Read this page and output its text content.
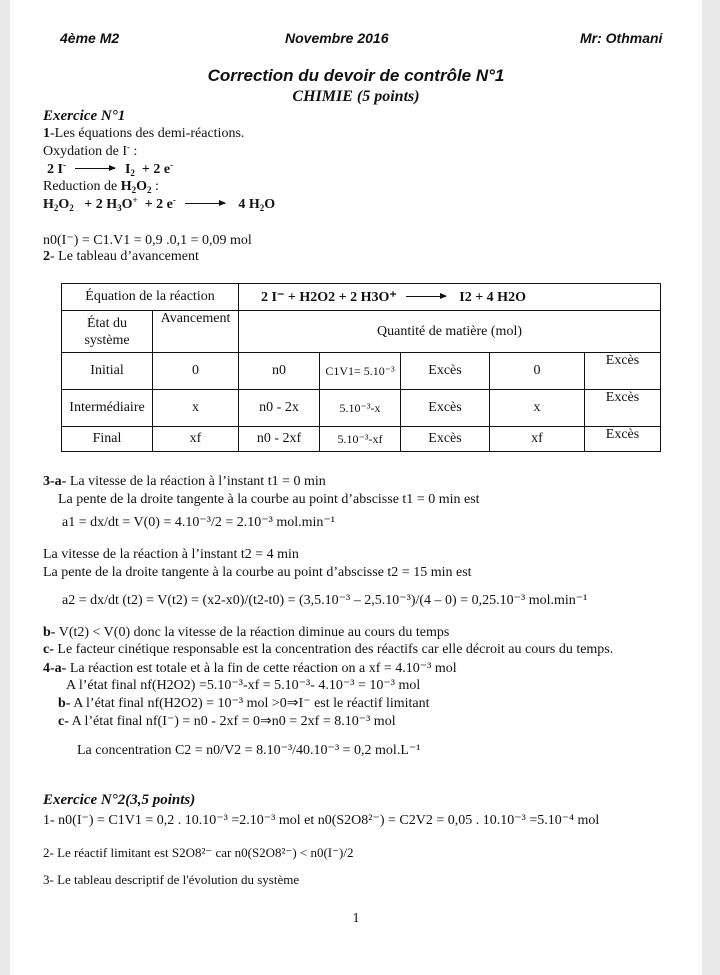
4ème M2	Novembre 2016	Mr: Othmani
Correction du devoir de contrôle N°1
CHIMIE (5 points)
Exercice N°1
1-Les équations des demi-réactions.
Oxydation de I- :
2 $I^- \to I_2 + 2$ e-
Reduction de $H_2O_2$ :
$H_2O_2 + 2$ $H_3O^+ + 2$ e- → 4 $H_2O$
n0(I⁻) = C1.V1 = 0,9 .0,1 = 0,09 mol
2- Le tableau d’avancement
Équation de la réaction		2 I⁻ + H2O2 + 2 H3O⁺ → I2 + 4 H2O				
État du système	Avancement	Quantité de matière (mol)				
Initial	0	n0	C1V1= 5.10⁻³	Excès	0	Excès
Intermédiaire	x	n0 - 2x	5.10⁻³-x	Excès	x	Excès
Final	xf	n0 - 2xf	5.10⁻³-xf	Excès	xf	Excès
3-a- La vitesse de la réaction à l’instant t1 = 0 min
La pente de la droite tangente à la courbe au point d’abscisse t1 = 0 min est
a1 = dx/dt = V(0) = 4.10⁻³/2 = 2.10⁻³ mol.min⁻¹
La vitesse de la réaction à l’instant t2 = 4 min
La pente de la droite tangente à la courbe au point d’abscisse t2 = 15 min est
a2 = dx/dt (t2) = V(t2) = (x2-x0)/(t2-t0) = (3,5.10⁻³ – 2,5.10⁻³)/(4 – 0) = 0,25.10⁻³ mol.min⁻¹
b- V(t2) < V(0) donc la vitesse de la réaction diminue au cours du temps
c- Le facteur cinétique responsable est la concentration des réactifs car elle décroit au cours du temps.
4-a- La réaction est totale et à la fin de cette réaction on a xf = 4.10⁻³ mol
A l’état final nf(H2O2) =5.10⁻³-xf = 5.10⁻³- 4.10⁻³ = 10⁻³ mol
b- A l’état final nf(H2O2) = 10⁻³ mol >0⇒I⁻ est le réactif limitant
c- A l’état final nf(I⁻) = n0 - 2xf = 0⇒n0 = 2xf = 8.10⁻³ mol
La concentration C2 = n0/V2 = 8.10⁻³/40.10⁻³ = 0,2 mol.L⁻¹
Exercice N°2(3,5 points)
1- n0(I⁻) = C1V1 = 0,2 . 10.10⁻³ =2.10⁻³ mol et n0(S2O8²⁻) = C2V2 = 0,05 . 10.10⁻³ =5.10⁻⁴ mol
2- Le réactif limitant est S2O8²⁻ car n0(S2O8²⁻) < n0(I⁻)/2
3- Le tableau descriptif de l'évolution du système
1
